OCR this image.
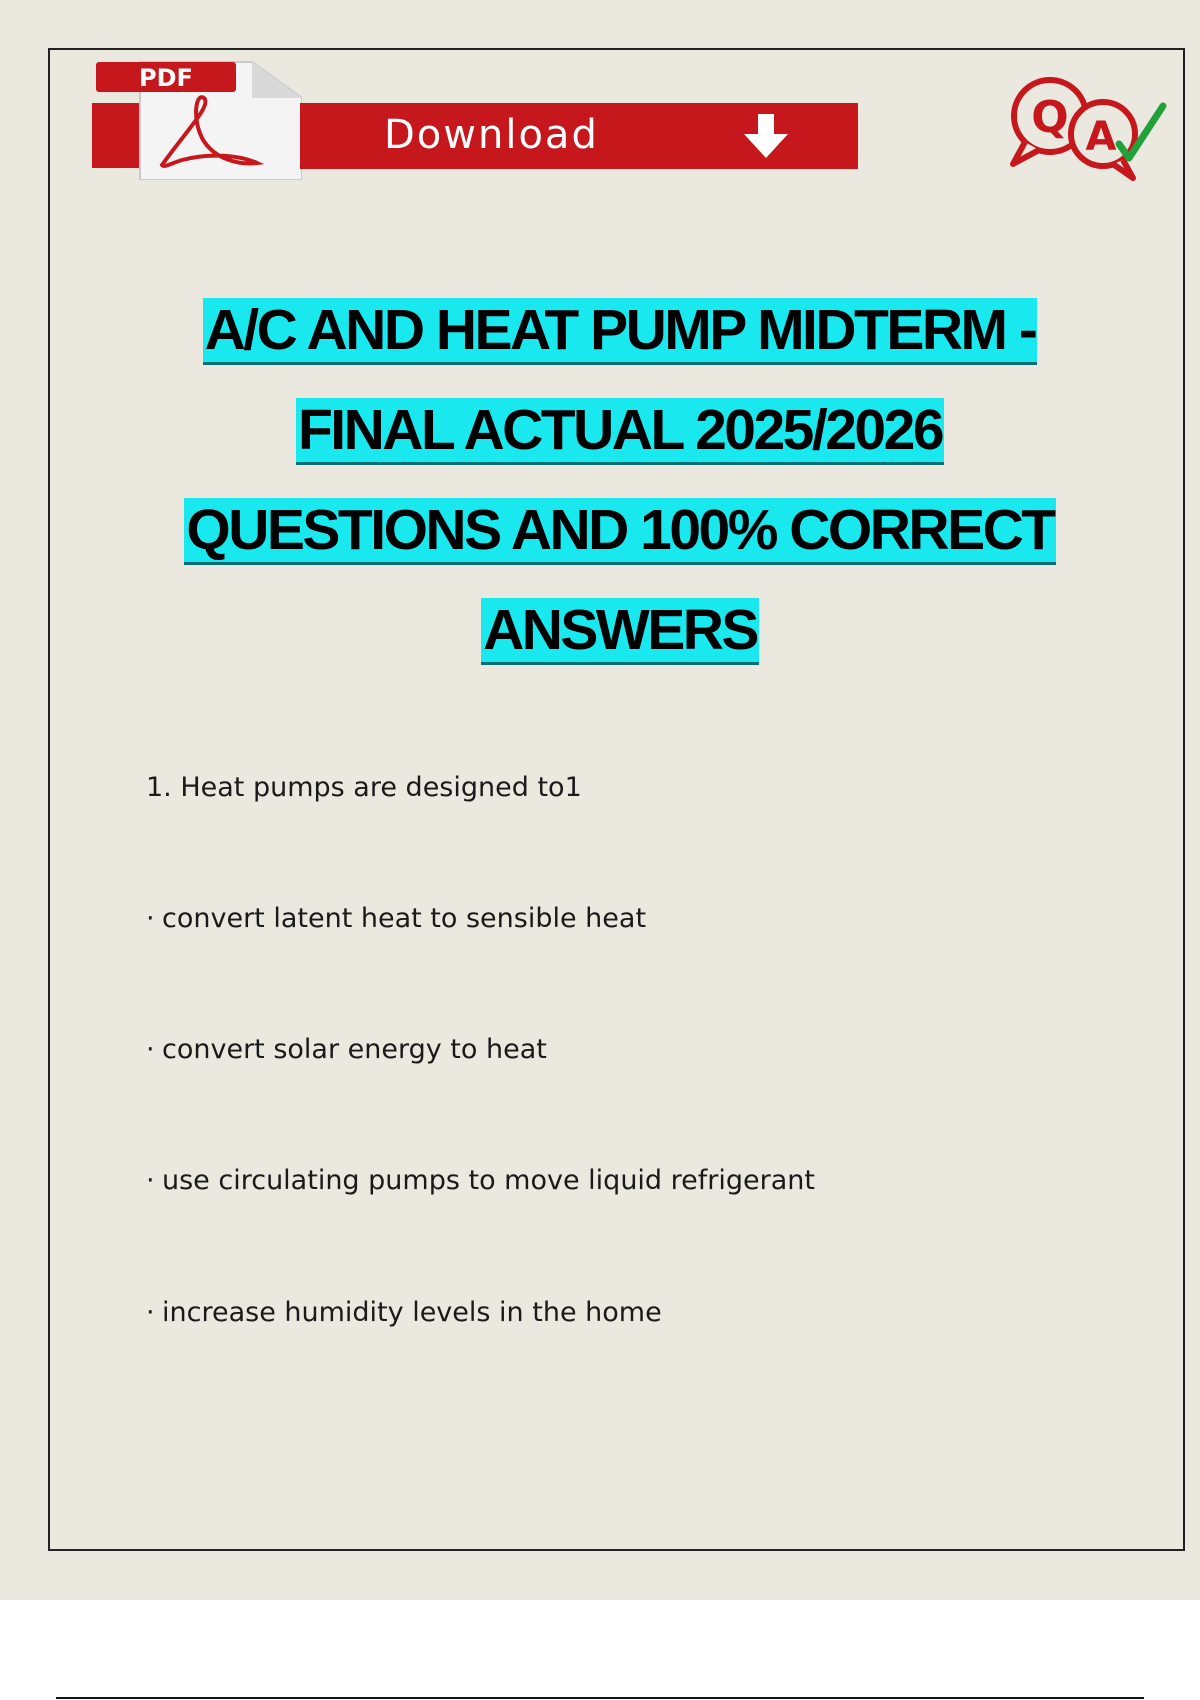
PDF
Download	Q A
A/C AND HEAT PUMP MIDTERM -
FINAL ACTUAL 2025/2026
QUESTIONS AND 100% CORRECT
ANSWERS
1. Heat pumps are designed to1
· convert latent heat to sensible heat
· convert solar energy to heat
· use circulating pumps to move liquid refrigerant
· increase humidity levels in the home
